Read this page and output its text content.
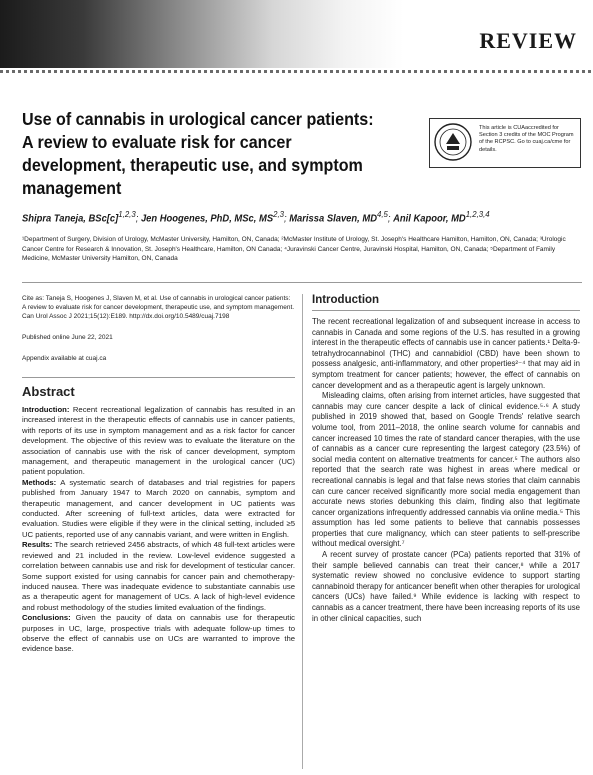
REVIEW
Use of cannabis in urological cancer patients: A review to evaluate risk for cancer development, therapeutic use, and symptom management
This article is CUAaccredited for Section 3 credits of the MOC Program of the RCPSC. Go to cuaj.ca/cme for details.
Shipra Taneja, $BSc[c]^{1,2,3}$; Jen Hoogenes, PhD, MSc, MS$^{2,3}$; Marissa Slaven, MD$^{4,5}$; Anil Kapoor, MD$^{1,2,3,4}$
¹Department of Surgery, Division of Urology, McMaster University, Hamilton, ON, Canada; ²McMaster Institute of Urology, St. Joseph's Healthcare Hamilton, Hamilton, ON, Canada; ³Urologic Cancer Centre for Research & Innovation, St. Joseph's Healthcare, Hamilton, ON Canada; ⁴Juravinski Cancer Centre, Juravinski Hospital, Hamilton, ON, Canada; ⁵Department of Family Medicine, McMaster University Hamilton, ON, Canada

Cite as: Taneja S, Hoogenes J, Slaven M, et al. Use of cannabis in urological cancer patients: A review to evaluate risk for cancer development, therapeutic use, and symptom management. Can Urol Assoc J 2021;15(12):E189. http://dx.doi.org/10.5489/cuaj.7198

Published online June 22, 2021

Appendix available at cuaj.ca

Abstract

Introduction: Recent recreational legalization of cannabis has resulted in an increased interest in the therapeutic effects of cannabis use in cancer patients, with reports of its use in symptom management and as a risk factor for cancer development. The objective of this review was to evaluate the literature on the association of cannabis use with the risk of cancer development, symptom management, and therapeutic management in the urological cancer (UC) patient population.

Methods: A systematic search of databases and trial registries for papers published from January 1947 to March 2020 on cannabis, symptom and therapeutic management, and cancer development in UC patients was conducted. After screening of full-text articles, data were extracted for evaluation. Studies were eligible if they were in the clinical setting, included ≥5 UC patients, reported use of any cannabis variant, and were written in English.

Results: The search retrieved 2456 abstracts, of which 48 full-text articles were reviewed and 21 included in the review. Low-level evidence suggested a correlation between cannabis use and risk for development of testicular cancer. Some support existed for using cannabis for cancer pain and chemotherapy-induced nausea. There was inadequate evidence to substantiate cannabis use as a therapeutic agent for management of UCs. A lack of high-level evidence and robust methodology of the studies limited evaluation of the findings.

Conclusions: Given the paucity of data on cannabis use for therapeutic purposes in UC, large, prospective trials with adequate follow-up times to observe the effect of cannabis use on UCs are warranted to improve the evidence base.

Introduction

The recent recreational legalization of and subsequent increase in access to cannabis in Canada and some regions of the U.S. has resulted in a growing interest in the therapeutic effects of cannabis use in cancer patients.¹ Delta-9-tetrahydrocannabinol (THC) and cannabidiol (CBD) have been shown to possess analgesic, anti-inflammatory, and other properties²⁻⁴ that may aid in symptom treatment for cancer patients; however, the effect of cannabis on cancer development and as a therapeutic agent is largely unknown.

Misleading claims, often arising from internet articles, have suggested that cannabis may cure cancer despite a lack of clinical evidence.⁵·⁶ A study published in 2019 showed that, based on Google Trends' relative search volume tool, from 2011–2018, the online search volume for cannabis and cancer increased 10 times the rate of standard cancer therapies, with the use of cannabis as a cancer cure representing the largest category (23.5%) of social media content on alternative treatments for cancer.⁵ The authors also reported that the search rate was highest in areas where medical or recreational cannabis is legal and that false news stories that claim cannabis can cure cancer received significantly more social media engagement than accurate news stories debunking this claim, finding also that legitimate cancer organizations infrequently addressed cannabis via online media.⁵ This assumption has led some patients to believe that cannabis possesses properties that cure malignancy, which can steer patients to self-prescribe without medical oversight.⁷

A recent survey of prostate cancer (PCa) patients reported that 31% of their sample believed cannabis can treat their cancer,⁸ while a 2017 systematic review showed no conclusive evidence to support starting cannabinoid therapy for anticancer benefit when other therapies for urological cancers (UCs) have failed.⁹ While evidence is lacking with respect to cannabis as a cancer treatment, there have been increasing reports of its use in other clinical capacities, such
